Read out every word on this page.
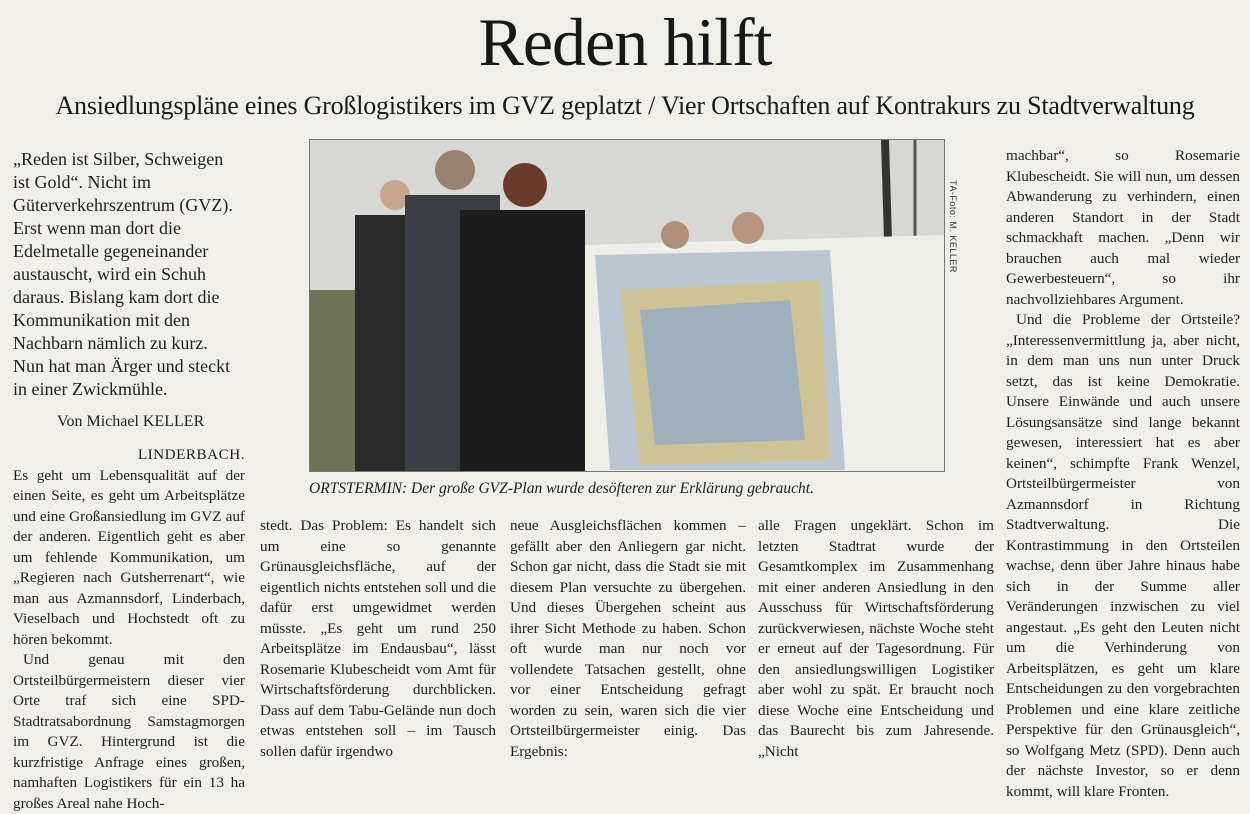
Reden hilft
Ansiedlungspläne eines Großlogistikers im GVZ geplatzt / Vier Ortschaften auf Kontrakurs zu Stadtverwaltung
„Reden ist Silber, Schweigen ist Gold“. Nicht im Güterverkehrszentrum (GVZ). Erst wenn man dort die Edelmetalle gegeneinander austauscht, wird ein Schuh daraus. Bislang kam dort die Kommunikation mit den Nachbarn nämlich zu kurz. Nun hat man Ärger und steckt in einer Zwickmühle.
Von Michael KELLER
LINDERBACH.

Es geht um Lebensqualität auf der einen Seite, es geht um Arbeitsplätze und eine Großansiedlung im GVZ auf der anderen. Eigentlich geht es aber um fehlende Kommunikation, um „Regieren nach Gutsherrenart“, wie man aus Azmannsdorf, Linderbach, Vieselbach und Hochstedt oft zu hören bekommt.

Und genau mit den Ortsteilbürgermeistern dieser vier Orte traf sich eine SPD-Stadtratsabordnung Samstagmorgen im GVZ. Hintergrund ist die kurzfristige Anfrage eines großen, namhaften Logistikers für ein 13 ha großes Areal nahe Hoch-

TA-Foto: M. KELLER
ORTSTERMIN: Der große GVZ-Plan wurde desöfteren zur Erklärung gebraucht.

stedt. Das Problem: Es handelt sich um eine so genannte Grünausgleichsfläche, auf der eigentlich nichts entstehen soll und die dafür erst umgewidmet werden müsste. „Es geht um rund 250 Arbeitsplätze im Endausbau“, lässt Rosemarie Klubescheidt vom Amt für Wirtschaftsförderung durchblicken. Dass auf dem Tabu-Gelände nun doch etwas entstehen soll – im Tausch sollen dafür irgendwo

neue Ausgleichsflächen kommen – gefällt aber den Anliegern gar nicht. Schon gar nicht, dass die Stadt sie mit diesem Plan versuchte zu übergehen. Und dieses Übergehen scheint aus ihrer Sicht Methode zu haben. Schon oft wurde man nur noch vor vollendete Tatsachen gestellt, ohne vor einer Entscheidung gefragt worden zu sein, waren sich die vier Ortsteilbürgermeister einig. Das Ergebnis:

alle Fragen ungeklärt. Schon im letzten Stadtrat wurde der Gesamtkomplex im Zusammenhang mit einer anderen Ansiedlung in den Ausschuss für Wirtschaftsförderung zurückverwiesen, nächste Woche steht er erneut auf der Tagesordnung. Für den ansiedlungswilligen Logistiker aber wohl zu spät. Er braucht noch diese Woche eine Entscheidung und das Baurecht bis zum Jahresende. „Nicht

machbar“, so Rosemarie Klubescheidt. Sie will nun, um dessen Abwanderung zu verhindern, einen anderen Standort in der Stadt schmackhaft machen. „Denn wir brauchen auch mal wieder Gewerbesteuern“, so ihr nachvollziehbares Argument.

Und die Probleme der Ortsteile? „Interessenvermittlung ja, aber nicht, in dem man uns nun unter Druck setzt, das ist keine Demokratie. Unsere Einwände und auch unsere Lösungsansätze sind lange bekannt gewesen, interessiert hat es aber keinen“, schimpfte Frank Wenzel, Ortsteilbürgermeister von Azmannsdorf in Richtung Stadtverwaltung. Die Kontrastimmung in den Ortsteilen wachse, denn über Jahre hinaus habe sich in der Summe aller Veränderungen inzwischen zu viel angestaut. „Es geht den Leuten nicht um die Verhinderung von Arbeitsplätzen, es geht um klare Entscheidungen zu den vorgebrachten Problemen und eine klare zeitliche Perspektive für den Grünausgleich“, so Wolfgang Metz (SPD). Denn auch der nächste Investor, so er denn kommt, will klare Fronten.
